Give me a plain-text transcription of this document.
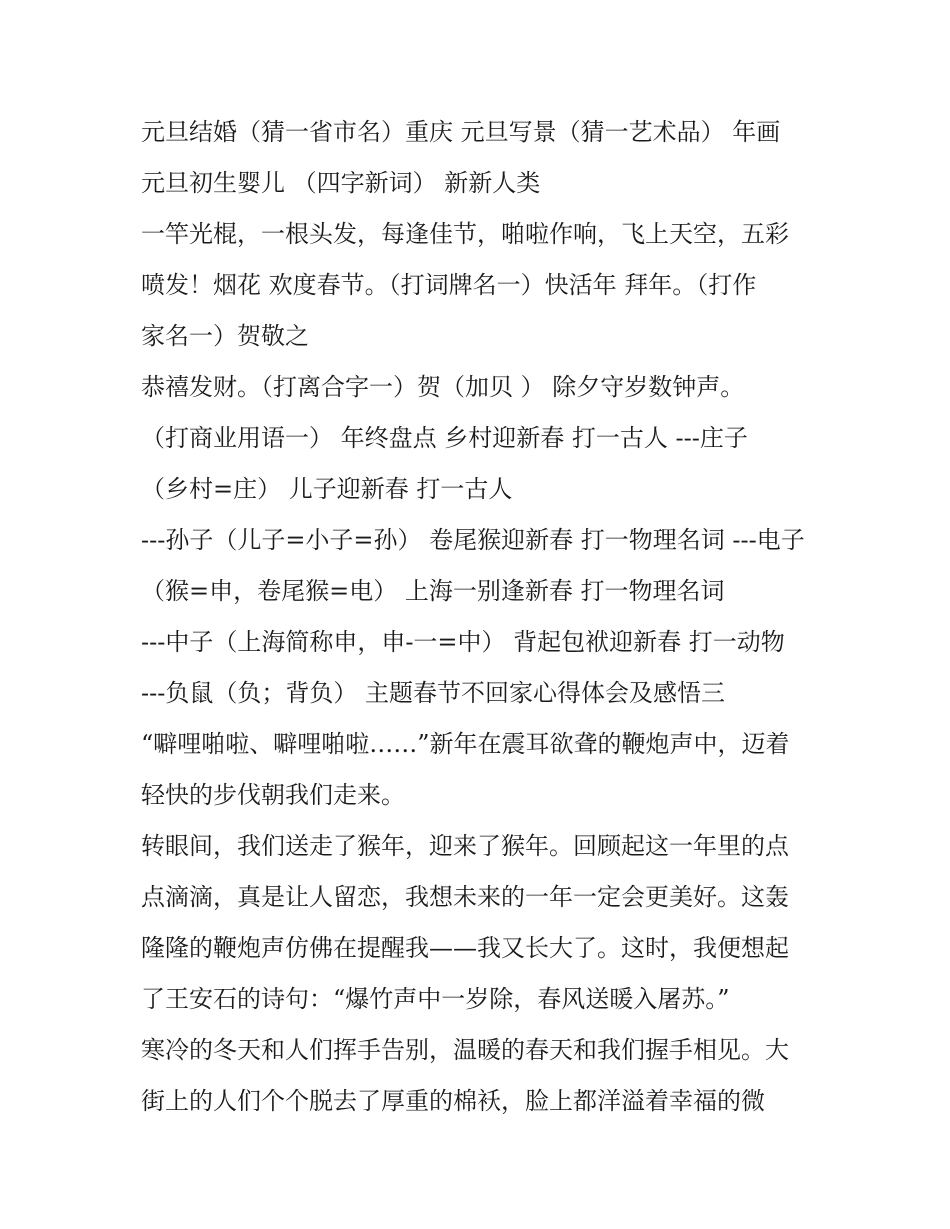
元旦结婚（猜一省市名）重庆 元旦写景（猜一艺术品） 年画
元旦初生婴儿 （四字新词） 新新人类
一竿光棍，一根头发，每逢佳节，啪啦作响，飞上天空，五彩
喷发！烟花 欢度春节。（打词牌名一）快活年 拜年。（打作
家名一）贺敬之
恭禧发财。（打离合字一）贺（加贝 ） 除夕守岁数钟声。
（打商业用语一） 年终盘点 乡村迎新春 打一古人 ---庄子
（乡村=庄） 儿子迎新春 打一古人
---孙子（儿子=小子=孙） 卷尾猴迎新春 打一物理名词 ---电子
（猴=申，卷尾猴=电） 上海一别逢新春 打一物理名词
---中子（上海简称申，申-一=中） 背起包袱迎新春 打一动物
---负鼠（负；背负） 主题春节不回家心得体会及感悟三
“噼哩啪啦、噼哩啪啦……”新年在震耳欲聋的鞭炮声中，迈着
轻快的步伐朝我们走来。
转眼间，我们送走了猴年，迎来了猴年。回顾起这一年里的点
点滴滴，真是让人留恋，我想未来的一年一定会更美好。这轰
隆隆的鞭炮声仿佛在提醒我——我又长大了。这时，我便想起
了王安石的诗句：“爆竹声中一岁除，春风送暖入屠苏。”
寒冷的冬天和人们挥手告别，温暖的春天和我们握手相见。大
街上的人们个个脱去了厚重的棉袄，脸上都洋溢着幸福的微
